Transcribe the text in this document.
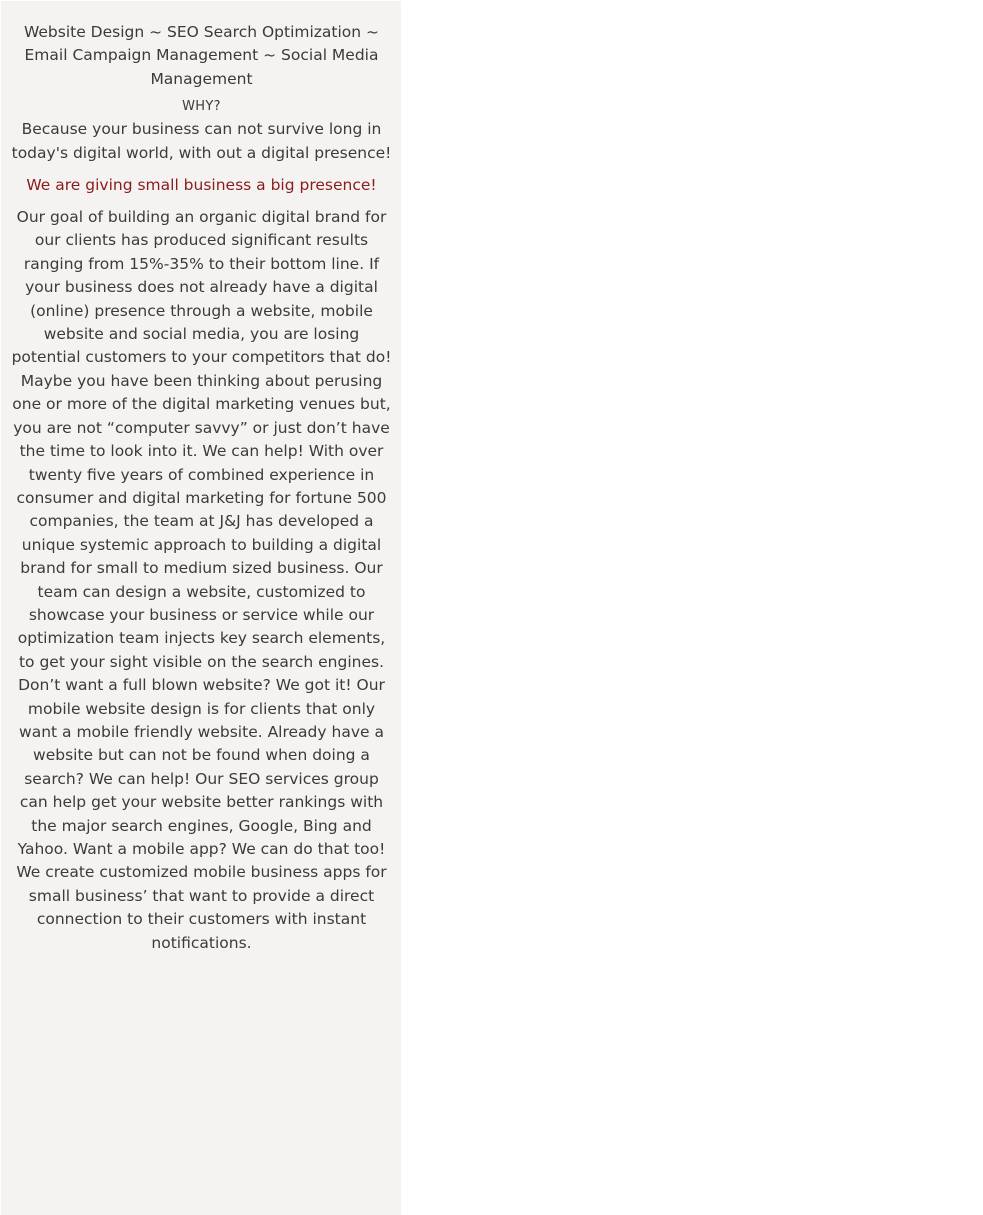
Website Design ~ SEO Search Optimization ~ Email Campaign Management ~ Social Media Management

WHY?

Because your business can not survive long in today's digital world, with out a digital presence!

We are giving small business a big presence!

Our goal of building an organic digital brand for our clients has produced significant results ranging from 15%-35% to their bottom line. If your business does not already have a digital (online) presence through a website, mobile website and social media, you are losing potential customers to your competitors that do! Maybe you have been thinking about perusing one or more of the digital marketing venues but, you are not “computer savvy” or just don’t have the time to look into it. We can help! With over twenty five years of combined experience in consumer and digital marketing for fortune 500 companies, the team at J&J has developed a unique systemic approach to building a digital brand for small to medium sized business. Our team can design a website, customized to showcase your business or service while our optimization team injects key search elements, to get your sight visible on the search engines. Don’t want a full blown website? We got it! Our mobile website design is for clients that only want a mobile friendly website. Already have a website but can not be found when doing a search? We can help! Our SEO services group can help get your website better rankings with the major search engines, Google, Bing and Yahoo. Want a mobile app? We can do that too! We create customized mobile business apps for small business’ that want to provide a direct connection to their customers with instant notifications.
